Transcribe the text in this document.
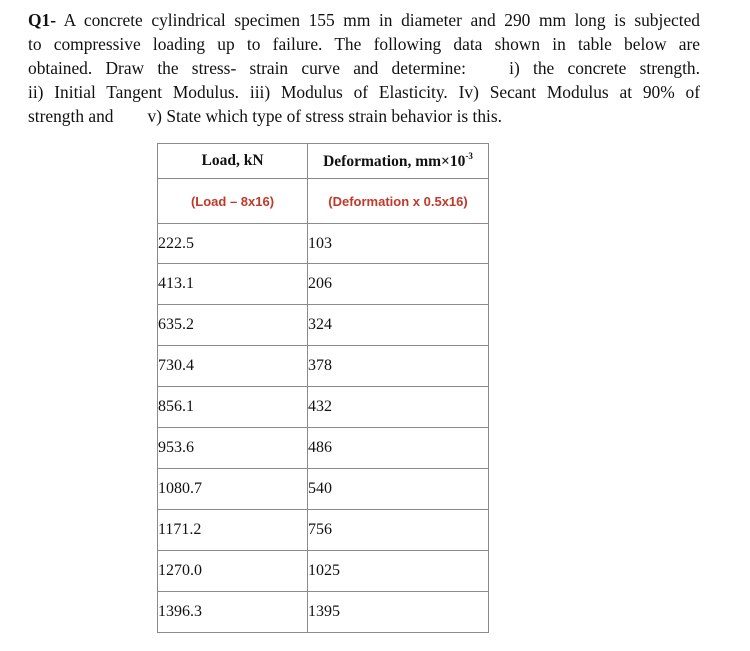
Q1- A concrete cylindrical specimen 155 mm in diameter and 290 mm long is subjected
to compressive loading up to failure. The following data shown in table below are
obtained. Draw the stress- strain curve and determine: i) the concrete strength.
ii) Initial Tangent Modulus. iii) Modulus of Elasticity. Iv) Secant Modulus at 90% of
strength and v) State which type of stress strain behavior is this.
Load, kN	Deformation, $mm\times 10^{-3}$
(Load – 8x16)	(Deformation x 0.5x16)
222.5	103
413.1	206
635.2	324
730.4	378
856.1	432
953.6	486
1080.7	540
1171.2	756
1270.0	1025
1396.3	1395
